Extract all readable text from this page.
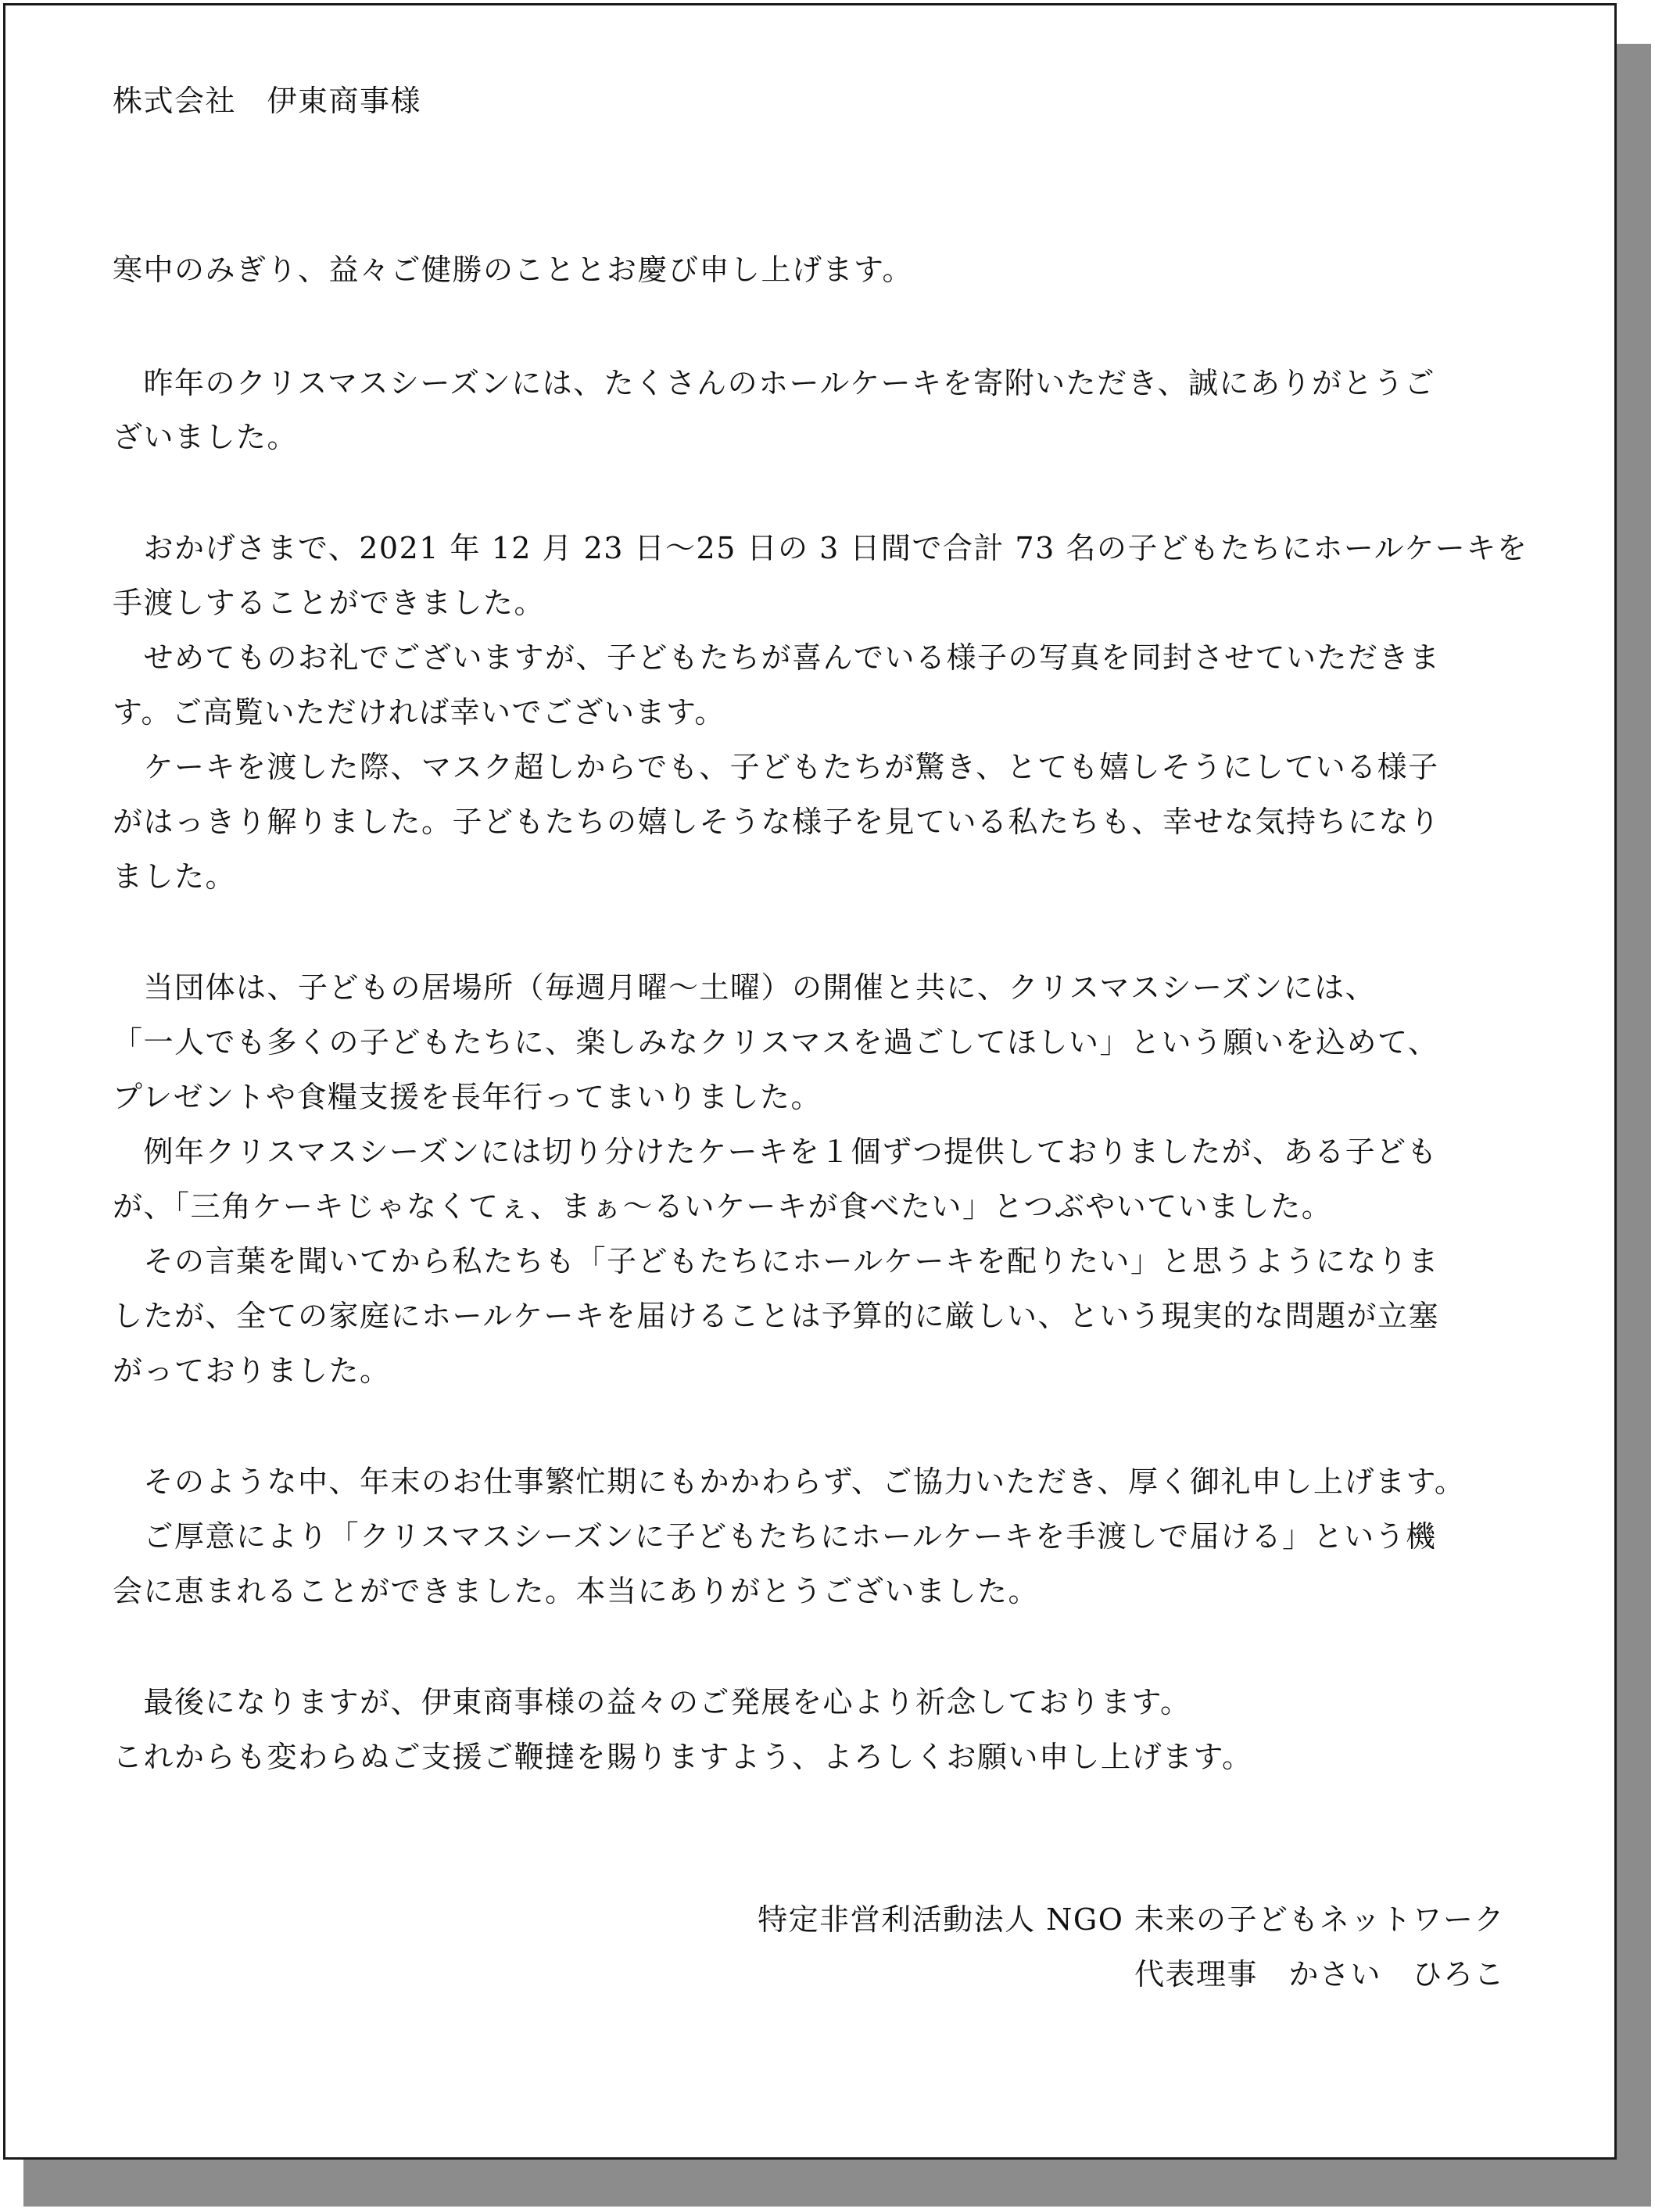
株式会社　伊東商事様

寒中のみぎり、益々ご健勝のこととお慶び申し上げます。

　昨年のクリスマスシーズンには、たくさんのホールケーキを寄附いただき、誠にありがとうご

ざいました。

　おかげさまで、2021 年 12 月 23 日～25 日の 3 日間で合計 73 名の子どもたちにホールケーキを

手渡しすることができました。

　せめてものお礼でございますが、子どもたちが喜んでいる様子の写真を同封させていただきま

す。ご高覧いただければ幸いでございます。

　ケーキを渡した際、マスク超しからでも、子どもたちが驚き、とても嬉しそうにしている様子

がはっきり解りました。子どもたちの嬉しそうな様子を見ている私たちも、幸せな気持ちになり

ました。

　当団体は、子どもの居場所（毎週月曜～土曜）の開催と共に、クリスマスシーズンには、

「一人でも多くの子どもたちに、楽しみなクリスマスを過ごしてほしい」という願いを込めて、

プレゼントや食糧支援を長年行ってまいりました。

　例年クリスマスシーズンには切り分けたケーキを１個ずつ提供しておりましたが、ある子ども

が、「三角ケーキじゃなくてぇ、まぁ～るいケーキが食べたい」とつぶやいていました。

　その言葉を聞いてから私たちも「子どもたちにホールケーキを配りたい」と思うようになりま

したが、全ての家庭にホールケーキを届けることは予算的に厳しい、という現実的な問題が立塞

がっておりました。

　そのような中、年末のお仕事繁忙期にもかかわらず、ご協力いただき、厚く御礼申し上げます。

　ご厚意により「クリスマスシーズンに子どもたちにホールケーキを手渡しで届ける」という機

会に恵まれることができました。本当にありがとうございました。

　最後になりますが、伊東商事様の益々のご発展を心より祈念しております。

これからも変わらぬご支援ご鞭撻を賜りますよう、よろしくお願い申し上げます。

特定非営利活動法人 NGO 未来の子どもネットワーク

代表理事　かさい　ひろこ
